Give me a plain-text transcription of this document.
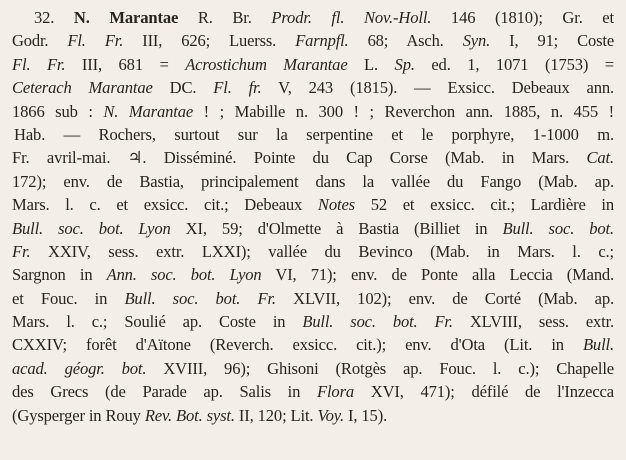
32. N. Marantae R. Br. Prodr. fl. Nov.-Holl. 146 (1810); Gr. et
Godr. Fl. Fr. III, 626; Luerss. Farnpfl. 68; Asch. Syn. I, 91; Coste
Fl. Fr. III, 681 = Acrostichum Marantae L. Sp. ed. 1, 1071 (1753) =
Ceterach Marantae DC. Fl. fr. V, 243 (1815). — Exsicc. Debeaux ann.
1866 sub : N. Marantae ! ; Mabille n. 300 ! ; Reverchon ann. 1885, n. 455 !
Hab. — Rochers, surtout sur la serpentine et le porphyre, 1-1000 m.
Fr. avril-mai. ♃. Disséminé. Pointe du Cap Corse (Mab. in Mars. Cat.
172); env. de Bastia, principalement dans la vallée du Fango (Mab. ap.
Mars. l. c. et exsicc. cit.; Debeaux Notes 52 et exsicc. cit.; Lardière in
Bull. soc. bot. Lyon XI, 59; d'Olmette à Bastia (Billiet in Bull. soc. bot.
Fr. XXIV, sess. extr. LXXI); vallée du Bevinco (Mab. in Mars. l. c.;
Sargnon in Ann. soc. bot. Lyon VI, 71); env. de Ponte alla Leccia (Mand.
et Fouc. in Bull. soc. bot. Fr. XLVII, 102); env. de Corté (Mab. ap.
Mars. l. c.; Soulié ap. Coste in Bull. soc. bot. Fr. XLVIII, sess. extr.
CXXIV; forêt d'Aïtone (Reverch. exsicc. cit.); env. d'Ota (Lit. in Bull.
acad. géogr. bot. XVIII, 96); Ghisoni (Rotgès ap. Fouc. l. c.); Chapelle
des Grecs (de Parade ap. Salis in Flora XVI, 471); défilé de l'Inzecca
(Gysperger in Rouy Rev. Bot. syst. II, 120; Lit. Voy. I, 15).
